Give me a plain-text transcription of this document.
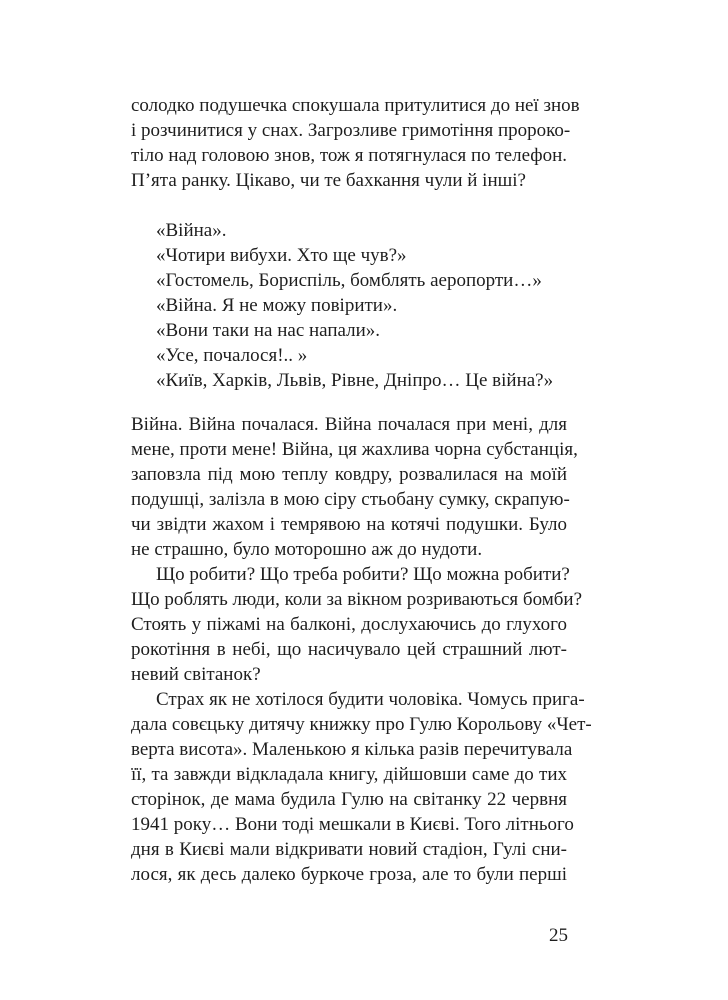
солодко подушечка спокушала притулитися до неї знов
і розчинитися у снах. Загрозливе гримотіння пророко-
тіло над головою знов, тож я потягнулася по телефон.
П’ята ранку. Цікаво, чи те бахкання чули й інші?
«Війна».
«Чотири вибухи. Хто ще чув?»
«Гостомель, Бориспіль, бомблять аеропорти…»
«Війна. Я не можу повірити».
«Вони таки на нас напали».
«Усе, почалося!.. »
«Київ, Харків, Львів, Рівне, Дніпро… Це війна?»
Війна. Війна почалася. Війна почалася при мені, для
мене, проти мене! Війна, ця жахлива чорна субстанція,
заповзла під мою теплу ковдру, розвалилася на моїй
подушці, залізла в мою сіру стьобану сумку, скрапую-
чи звідти жахом і темрявою на котячі подушки. Було
не страшно, було моторошно аж до нудоти.
Що робити? Що треба робити? Що можна робити?
Що роблять люди, коли за вікном розриваються бомби?
Стоять у піжамі на балконі, дослухаючись до глухого
рокотіння в небі, що насичувало цей страшний лют-
невий світанок?
Страх як не хотілося будити чоловіка. Чомусь прига-
дала совєцьку дитячу книжку про Гулю Корольову «Чет-
верта висота». Маленькою я кілька разів перечитувала
її, та завжди відкладала книгу, дійшовши саме до тих
сторінок, де мама будила Гулю на світанку 22 червня
1941 року… Вони тоді мешкали в Києві. Того літнього
дня в Києві мали відкривати новий стадіон, Гулі сни-
лося, як десь далеко буркоче гроза, але то були перші
25
